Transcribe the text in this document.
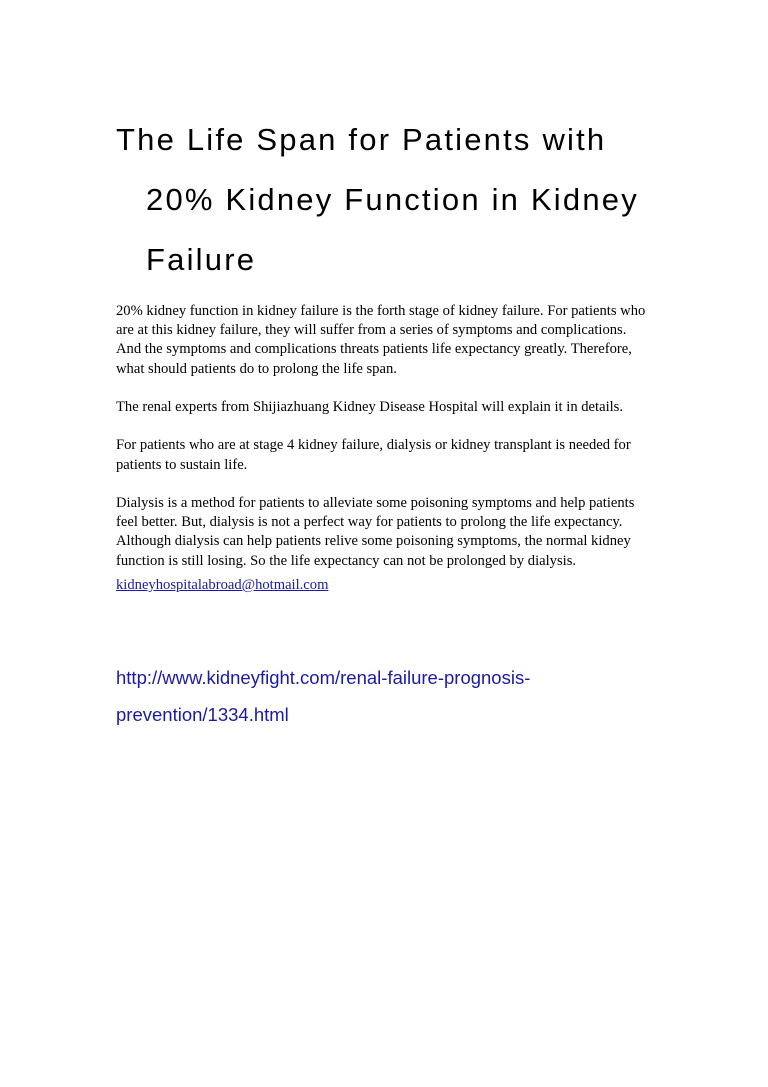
The Life Span for Patients with
20% Kidney Function in Kidney
Failure

20% kidney function in kidney failure is the forth stage of kidney failure. For patients who are at this kidney failure, they will suffer from a series of symptoms and complications. And the symptoms and complications threats patients life expectancy greatly. Therefore, what should patients do to prolong the life span.

The renal experts from Shijiazhuang Kidney Disease Hospital will explain it in details.

For patients who are at stage 4 kidney failure, dialysis or kidney transplant is needed for patients to sustain life.

Dialysis is a method for patients to alleviate some poisoning symptoms and help patients feel better. But, dialysis is not a perfect way for patients to prolong the life expectancy. Although dialysis can help patients relive some poisoning symptoms, the normal kidney function is still losing. So the life expectancy can not be prolonged by dialysis.

kidneyhospitalabroad@hotmail.com
http://www.kidneyfight.com/renal-failure-prognosis-
prevention/1334.html
